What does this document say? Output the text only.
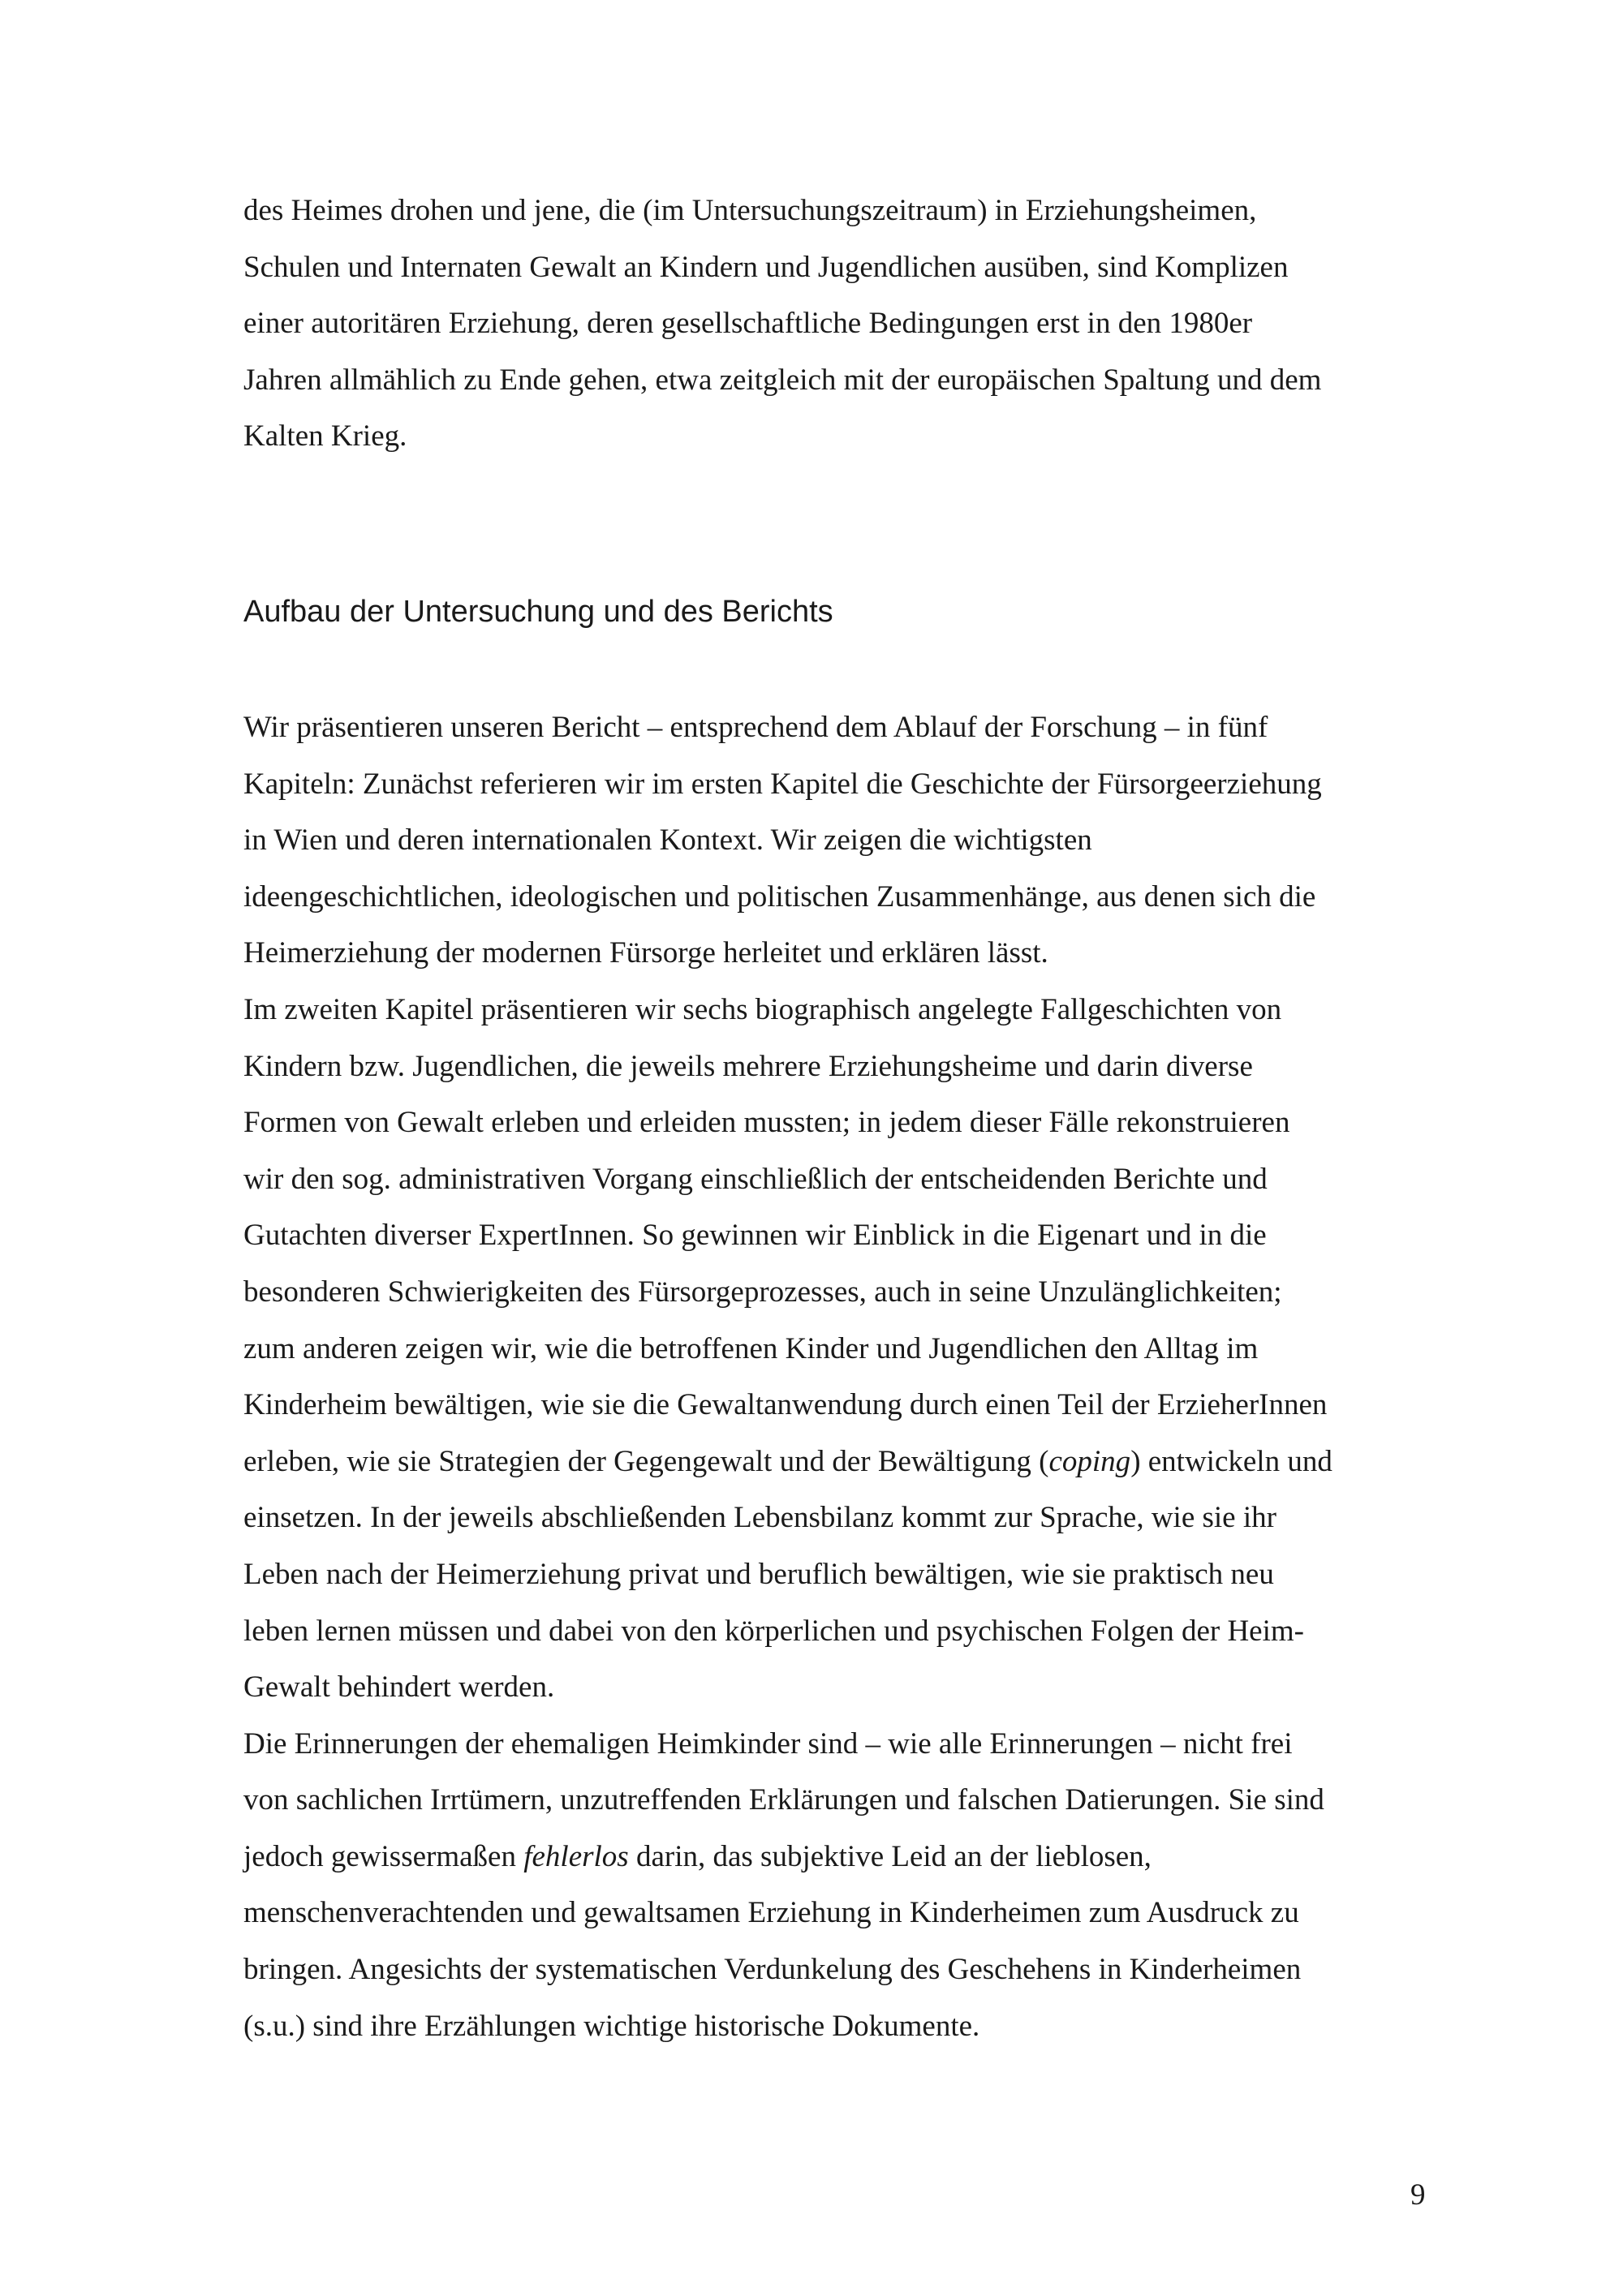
des Heimes drohen und jene, die (im Untersuchungszeitraum) in Erziehungsheimen,
Schulen und Internaten Gewalt an Kindern und Jugendlichen ausüben, sind Komplizen
einer autoritären Erziehung, deren gesellschaftliche Bedingungen erst in den 1980er
Jahren allmählich zu Ende gehen, etwa zeitgleich mit der europäischen Spaltung und dem
Kalten Krieg.

Aufbau der Untersuchung und des Berichts

Wir präsentieren unseren Bericht – entsprechend dem Ablauf der Forschung – in fünf
Kapiteln: Zunächst referieren wir im ersten Kapitel die Geschichte der Fürsorgeerziehung
in Wien und deren internationalen Kontext. Wir zeigen die wichtigsten
ideengeschichtlichen, ideologischen und politischen Zusammenhänge, aus denen sich die
Heimerziehung der modernen Fürsorge herleitet und erklären lässt.

Im zweiten Kapitel präsentieren wir sechs biographisch angelegte Fallgeschichten von
Kindern bzw. Jugendlichen, die jeweils mehrere Erziehungsheime und darin diverse
Formen von Gewalt erleben und erleiden mussten; in jedem dieser Fälle rekonstruieren
wir den sog. administrativen Vorgang einschließlich der entscheidenden Berichte und
Gutachten diverser ExpertInnen. So gewinnen wir Einblick in die Eigenart und in die
besonderen Schwierigkeiten des Fürsorgeprozesses, auch in seine Unzulänglichkeiten;
zum anderen zeigen wir, wie die betroffenen Kinder und Jugendlichen den Alltag im
Kinderheim bewältigen, wie sie die Gewaltanwendung durch einen Teil der ErzieherInnen
erleben, wie sie Strategien der Gegengewalt und der Bewältigung (coping) entwickeln und
einsetzen. In der jeweils abschließenden Lebensbilanz kommt zur Sprache, wie sie ihr
Leben nach der Heimerziehung privat und beruflich bewältigen, wie sie praktisch neu
leben lernen müssen und dabei von den körperlichen und psychischen Folgen der Heim-
Gewalt behindert werden.

Die Erinnerungen der ehemaligen Heimkinder sind – wie alle Erinnerungen – nicht frei
von sachlichen Irrtümern, unzutreffenden Erklärungen und falschen Datierungen. Sie sind
jedoch gewissermaßen fehlerlos darin, das subjektive Leid an der lieblosen,
menschenverachtenden und gewaltsamen Erziehung in Kinderheimen zum Ausdruck zu
bringen. Angesichts der systematischen Verdunkelung des Geschehens in Kinderheimen
(s.u.) sind ihre Erzählungen wichtige historische Dokumente.

9
